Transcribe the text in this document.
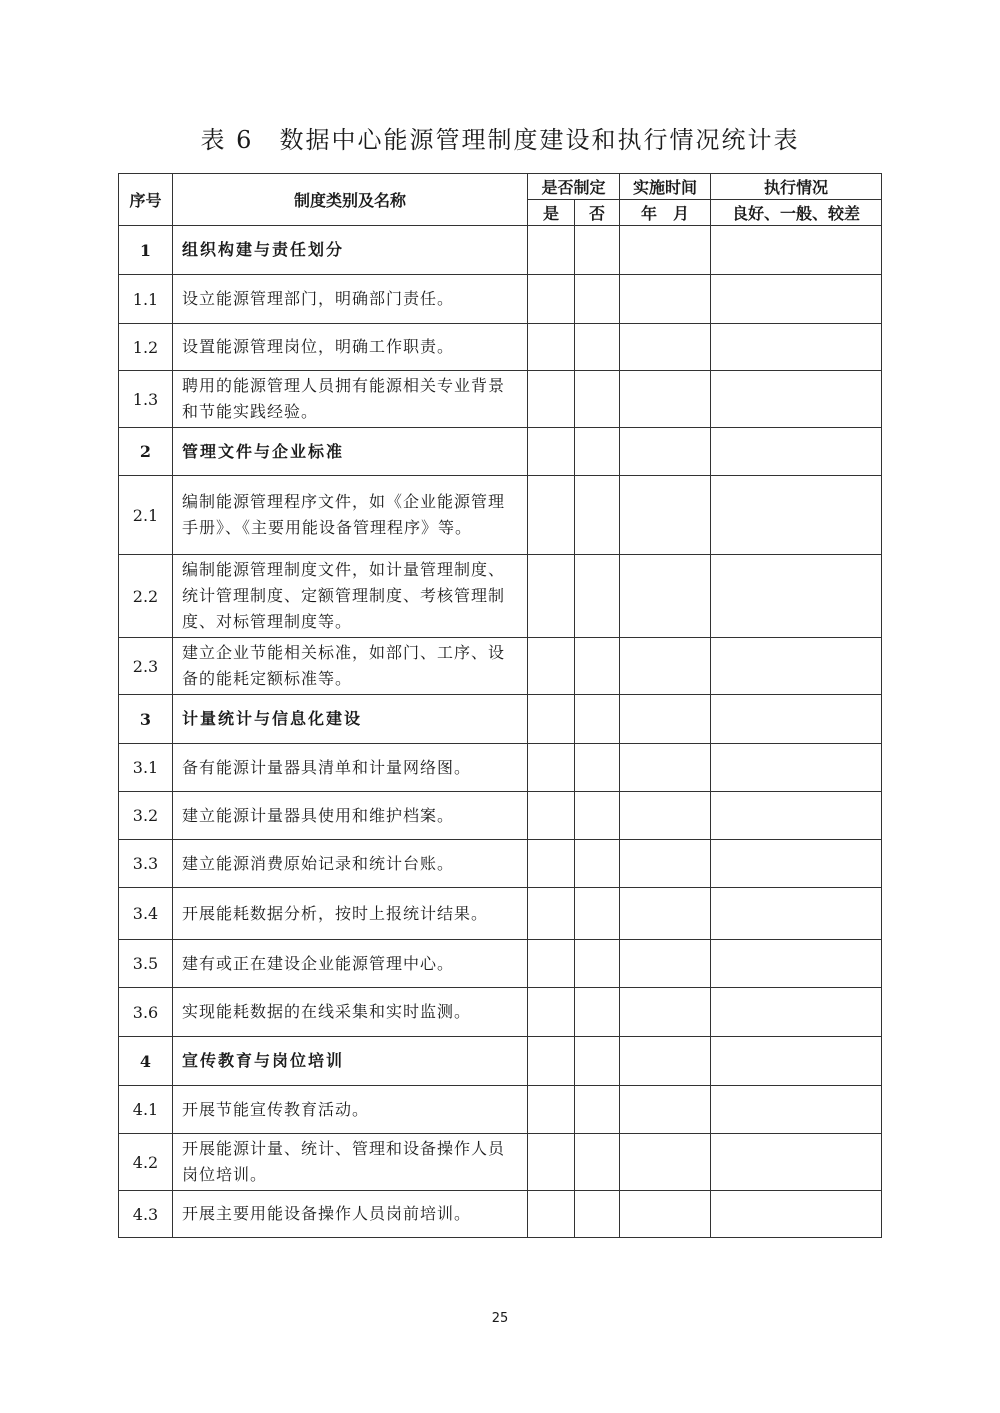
表 6　数据中心能源管理制度建设和执行情况统计表
序号	制度类别及名称	是否制定		实施时间	执行情况
		是	否	年　月	良好、一般、较差
1	组织构建与责任划分				
1.1	设立能源管理部门，明确部门责任。				
1.2	设置能源管理岗位，明确工作职责。				
1.3	聘用的能源管理人员拥有能源相关专业背景和节能实践经验。				
2	管理文件与企业标准				
2.1	编制能源管理程序文件，如《企业能源管理手册》、《主要用能设备管理程序》等。				
2.2	编制能源管理制度文件，如计量管理制度、统计管理制度、定额管理制度、考核管理制度、对标管理制度等。				
2.3	建立企业节能相关标准，如部门、工序、设备的能耗定额标准等。				
3	计量统计与信息化建设				
3.1	备有能源计量器具清单和计量网络图。				
3.2	建立能源计量器具使用和维护档案。				
3.3	建立能源消费原始记录和统计台账。				
3.4	开展能耗数据分析，按时上报统计结果。				
3.5	建有或正在建设企业能源管理中心。				
3.6	实现能耗数据的在线采集和实时监测。				
4	宣传教育与岗位培训				
4.1	开展节能宣传教育活动。				
4.2	开展能源计量、统计、管理和设备操作人员岗位培训。				
4.3	开展主要用能设备操作人员岗前培训。				
25
